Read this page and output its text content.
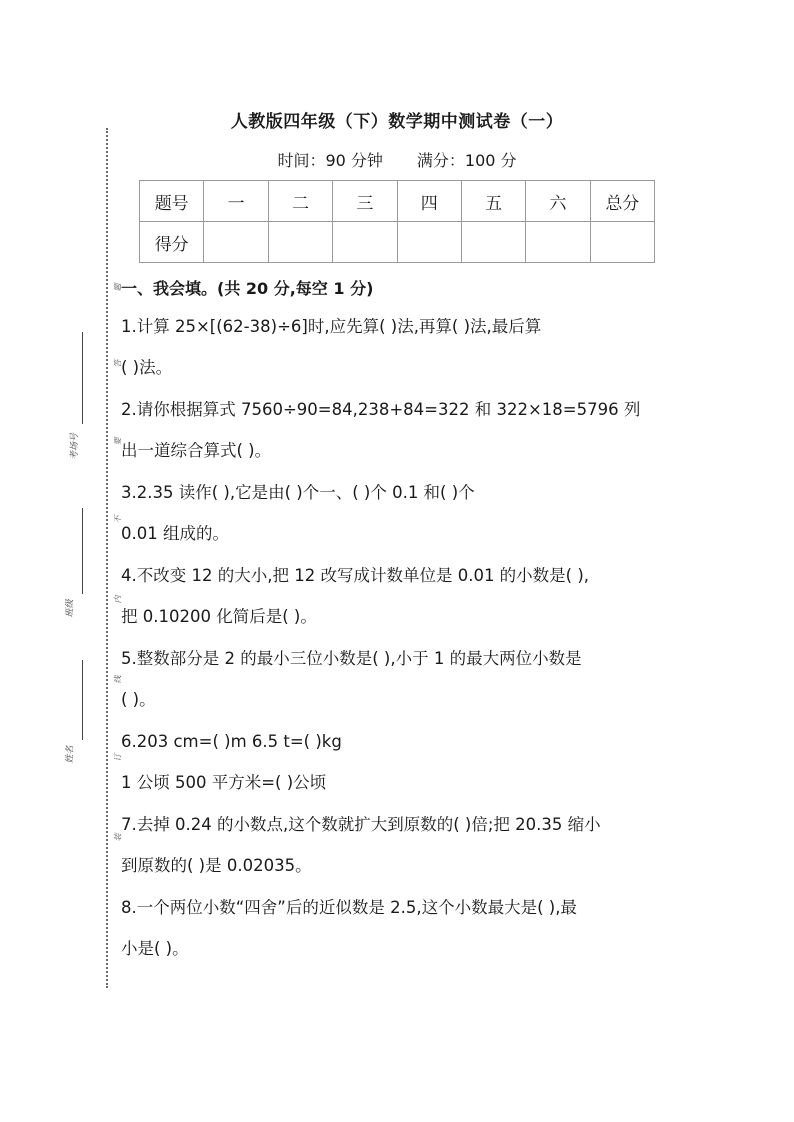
人教版四年级（下）数学期中测试卷（一）
时间：90 分钟 满分：100 分
题号	一	二	三	四	五	六	总分
得分							
一、我会填。(共 20 分,每空 1 分)
1.计算 25×[(62-38)÷6]时,应先算( )法,再算( )法,最后算
( )法。
2.请你根据算式 7560÷90=84,238+84=322 和 322×18=5796 列
出一道综合算式( )。
3.2.35 读作( ),它是由( )个一、( )个 0.1 和( )个
0.01 组成的。
4.不改变 12 的大小,把 12 改写成计数单位是 0.01 的小数是( ),
把 0.10200 化简后是( )。
5.整数部分是 2 的最小三位小数是( ),小于 1 的最大两位小数是
( )。
6.203 cm=( )m 6.5 t=( )kg
1 公顷 500 平方米=( )公顷
7.去掉 0.24 的小数点,这个数就扩大到原数的( )倍;把 20.35 缩小
到原数的( )是 0.02035。
8.一个两位小数“四舍”后的近似数是 2.5,这个小数最大是( ),最
小是( )。
题
答
要
不
内
线
订
装
考场号
班级
姓名
